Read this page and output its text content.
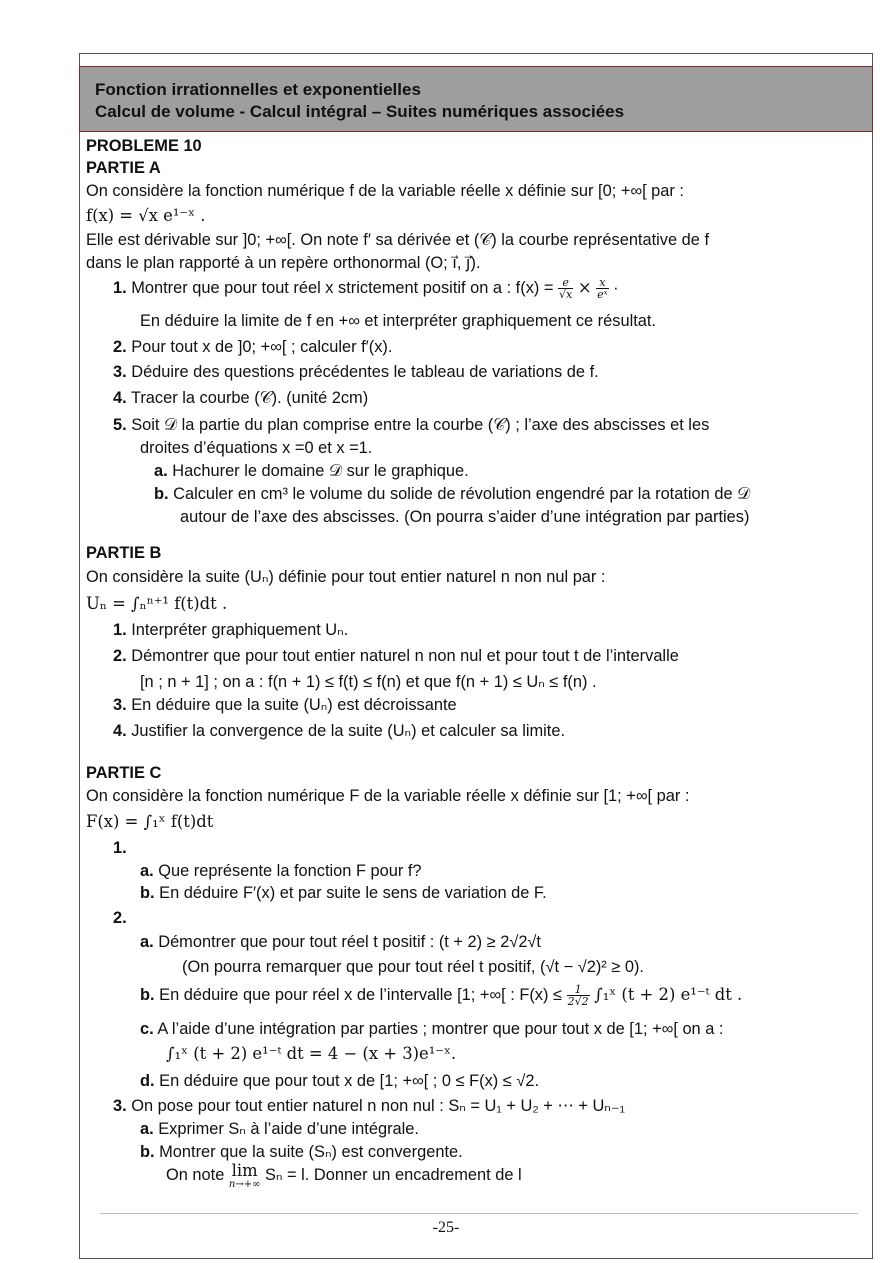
Fonction irrationnelles et exponentielles
Calcul de volume - Calcul intégral – Suites numériques associées
PROBLEME 10
PARTIE A
On considère la fonction numérique f de la variable réelle x définie sur [0; +∞[ par :
f(x) = √x e¹⁻ˣ .
Elle est dérivable sur ]0; +∞[. On note f′ sa dérivée et (𝒞) la courbe représentative de f
dans le plan rapporté à un repère orthonormal (O; i⃗, j⃗).
1. Montrer que pour tout réel x strictement positif on a : $f(x) = \frac{e}{√x} \times \frac{x}{\text{eˣ}}$ ·
En déduire la limite de f en +∞ et interpréter graphiquement ce résultat.
2. Pour tout x de ]0; +∞[ ; calculer f′(x).
3. Déduire des questions précédentes le tableau de variations de f.
4. Tracer la courbe (𝒞). (unité 2cm)
5. Soit 𝒟 la partie du plan comprise entre la courbe (𝒞) ; l’axe des abscisses et les
droites d’équations x =0 et x =1.
a. Hachurer le domaine 𝒟 sur le graphique.
b. Calculer en cm³ le volume du solide de révolution engendré par la rotation de 𝒟
autour de l’axe des abscisses. (On pourra s’aider d’une intégration par parties)
PARTIE B
On considère la suite (Uₙ) définie pour tout entier naturel n non nul par :
Uₙ = ∫ₙⁿ⁺¹ f(t)dt .
1. Interpréter graphiquement Uₙ.
2. Démontrer que pour tout entier naturel n non nul et pour tout t de l’intervalle
[n ; n + 1] ; on a : f(n + 1) ≤ f(t) ≤ f(n) et que f(n + 1) ≤ Uₙ ≤ f(n) .
3. En déduire que la suite (Uₙ) est décroissante
4. Justifier la convergence de la suite (Uₙ) et calculer sa limite.
PARTIE C
On considère la fonction numérique F de la variable réelle x définie sur [1; +∞[ par :
F(x) = ∫₁ˣ f(t)dt
1.
a. Que représente la fonction F pour f?
b. En déduire F′(x) et par suite le sens de variation de F.
2.
a. Démontrer que pour tout réel t positif : (t + 2) ≥ 2√2√t
(On pourra remarquer que pour tout réel t positif, (√t − √2)² ≥ 0).
b. En déduire que pour réel x de l’intervalle [1; +∞[ : $F(x) \le \frac{1}{2√2}$ ∫₁ˣ (t + 2) e¹⁻ᵗ dt .
c. A l’aide d’une intégration par parties ; montrer que pour tout x de [1; +∞[ on a :
∫₁ˣ (t + 2) e¹⁻ᵗ dt = 4 − (x + 3)e¹⁻ˣ.
d. En déduire que pour tout x de [1; +∞[ ; 0 ≤ F(x) ≤ √2.
3. On pose pour tout entier naturel n non nul : Sₙ = U₁ + U₂ + ⋯ + Uₙ₋₁
a. Exprimer Sₙ à l’aide d’une intégrale.
b. Montrer que la suite (Sₙ) est convergente.
On note lim
n→+∞
Sₙ = l. Donner un encadrement de l
-25-
